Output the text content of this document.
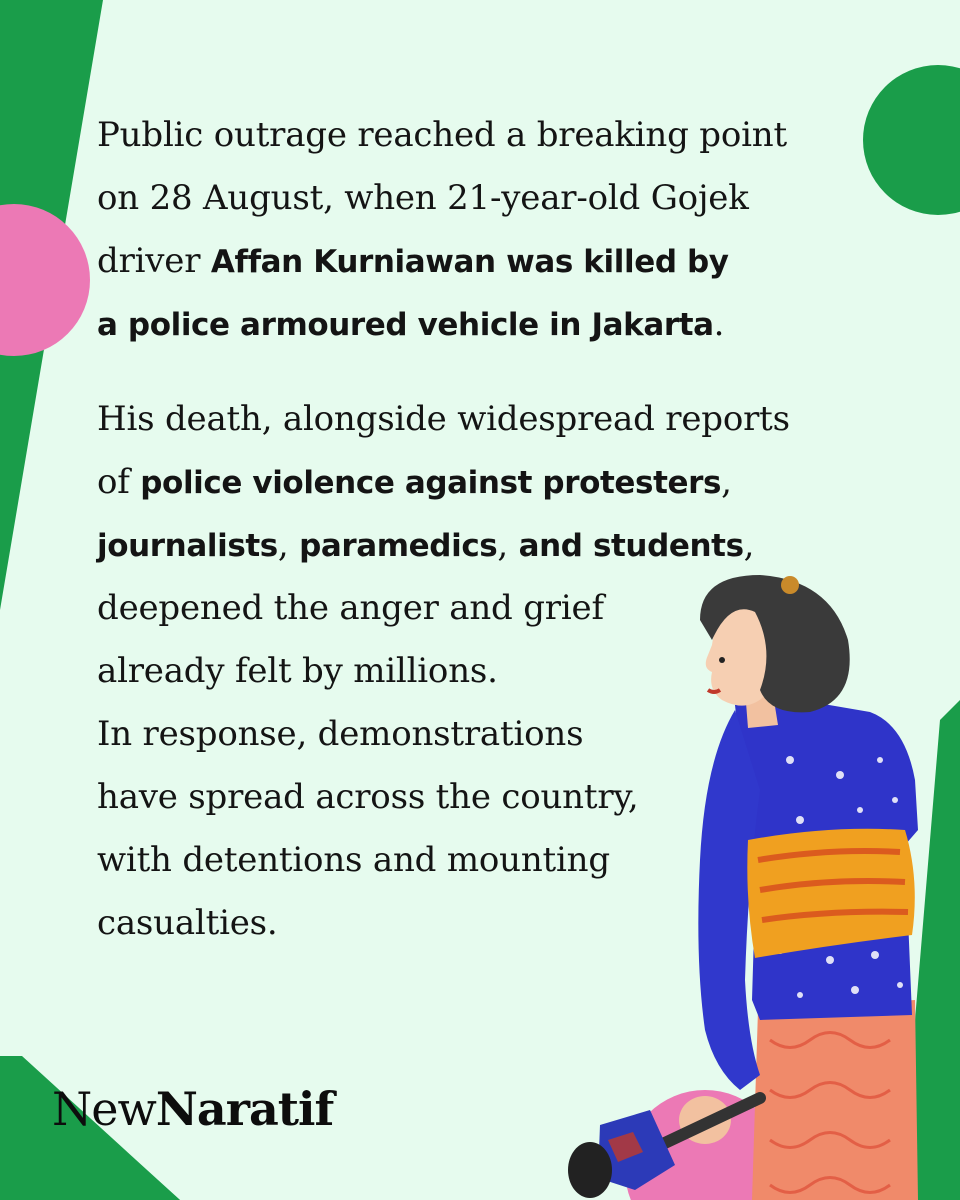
Public outrage reached a breaking point
on 28 August, when 21-year-old Gojek
driver Affan Kurniawan was killed by
a police armoured vehicle in Jakarta.
His death, alongside widespread reports
of police violence against protesters,
journalists, paramedics, and students,
deepened the anger and grief
already felt by millions.
In response, demonstrations
have spread across the country,
with detentions and mounting
casualties.
NewNaratif
